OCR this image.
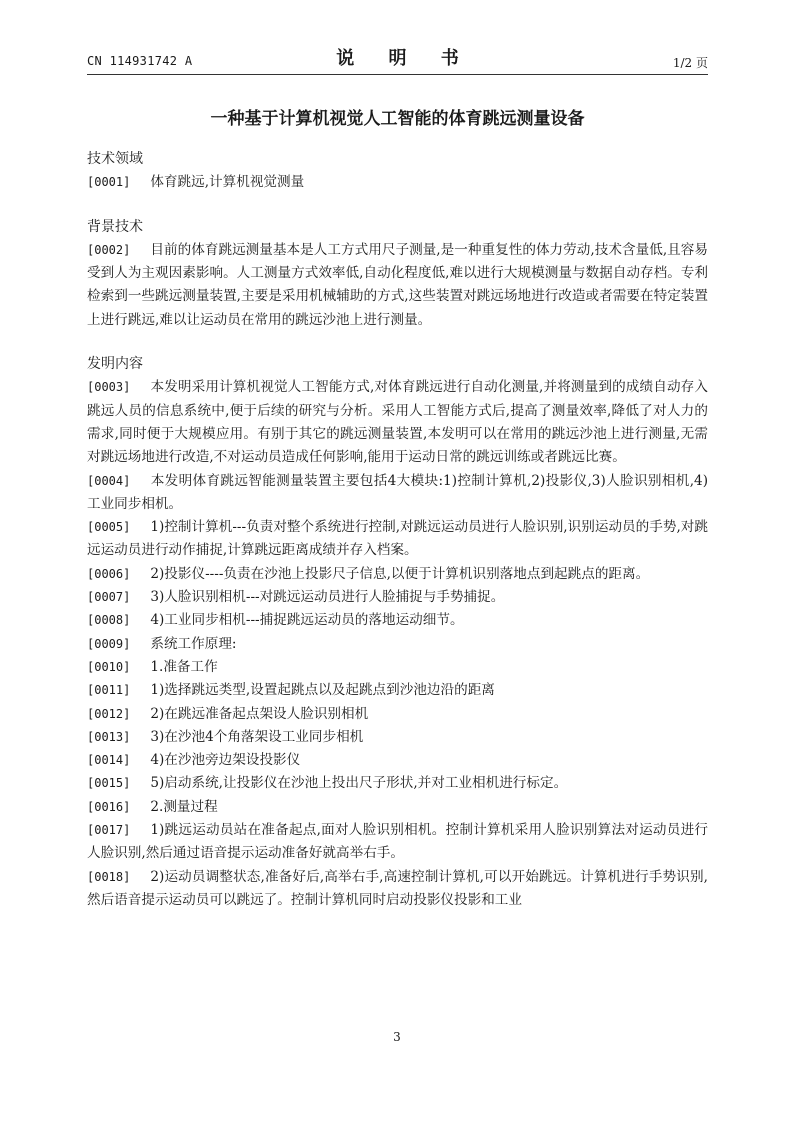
CN 114931742 A	说 明 书	1/2 页
一种基于计算机视觉人工智能的体育跳远测量设备

技术领域

[0001] 体育跳远,计算机视觉测量

背景技术

[0002] 目前的体育跳远测量基本是人工方式用尺子测量,是一种重复性的体力劳动,技术含量低,且容易受到人为主观因素影响。人工测量方式效率低,自动化程度低,难以进行大规模测量与数据自动存档。专利检索到一些跳远测量装置,主要是采用机械辅助的方式,这些装置对跳远场地进行改造或者需要在特定装置上进行跳远,难以让运动员在常用的跳远沙池上进行测量。

发明内容

[0003] 本发明采用计算机视觉人工智能方式,对体育跳远进行自动化测量,并将测量到的成绩自动存入跳远人员的信息系统中,便于后续的研究与分析。采用人工智能方式后,提高了测量效率,降低了对人力的需求,同时便于大规模应用。有别于其它的跳远测量装置,本发明可以在常用的跳远沙池上进行测量,无需对跳远场地进行改造,不对运动员造成任何影响,能用于运动日常的跳远训练或者跳远比赛。

[0004] 本发明体育跳远智能测量装置主要包括4大模块:1)控制计算机,2)投影仪,3)人脸识别相机,4) 工业同步相机。

[0005] 1)控制计算机---负责对整个系统进行控制,对跳远运动员进行人脸识别,识别运动员的手势,对跳远运动员进行动作捕捉,计算跳远距离成绩并存入档案。

[0006] 2)投影仪----负责在沙池上投影尺子信息,以便于计算机识别落地点到起跳点的距离。

[0007] 3)人脸识别相机---对跳远运动员进行人脸捕捉与手势捕捉。

[0008] 4)工业同步相机---捕捉跳远运动员的落地运动细节。

[0009] 系统工作原理:

[0010] 1.准备工作

[0011] 1)选择跳远类型,设置起跳点以及起跳点到沙池边沿的距离

[0012] 2)在跳远准备起点架设人脸识别相机

[0013] 3)在沙池4个角落架设工业同步相机

[0014] 4)在沙池旁边架设投影仪

[0015] 5)启动系统,让投影仪在沙池上投出尺子形状,并对工业相机进行标定。

[0016] 2.测量过程

[0017] 1)跳远运动员站在准备起点,面对人脸识别相机。控制计算机采用人脸识别算法对运动员进行人脸识别,然后通过语音提示运动准备好就高举右手。

[0018] 2)运动员调整状态,准备好后,高举右手,高速控制计算机,可以开始跳远。计算机进行手势识别,然后语音提示运动员可以跳远了。控制计算机同时启动投影仪投影和工业

3
